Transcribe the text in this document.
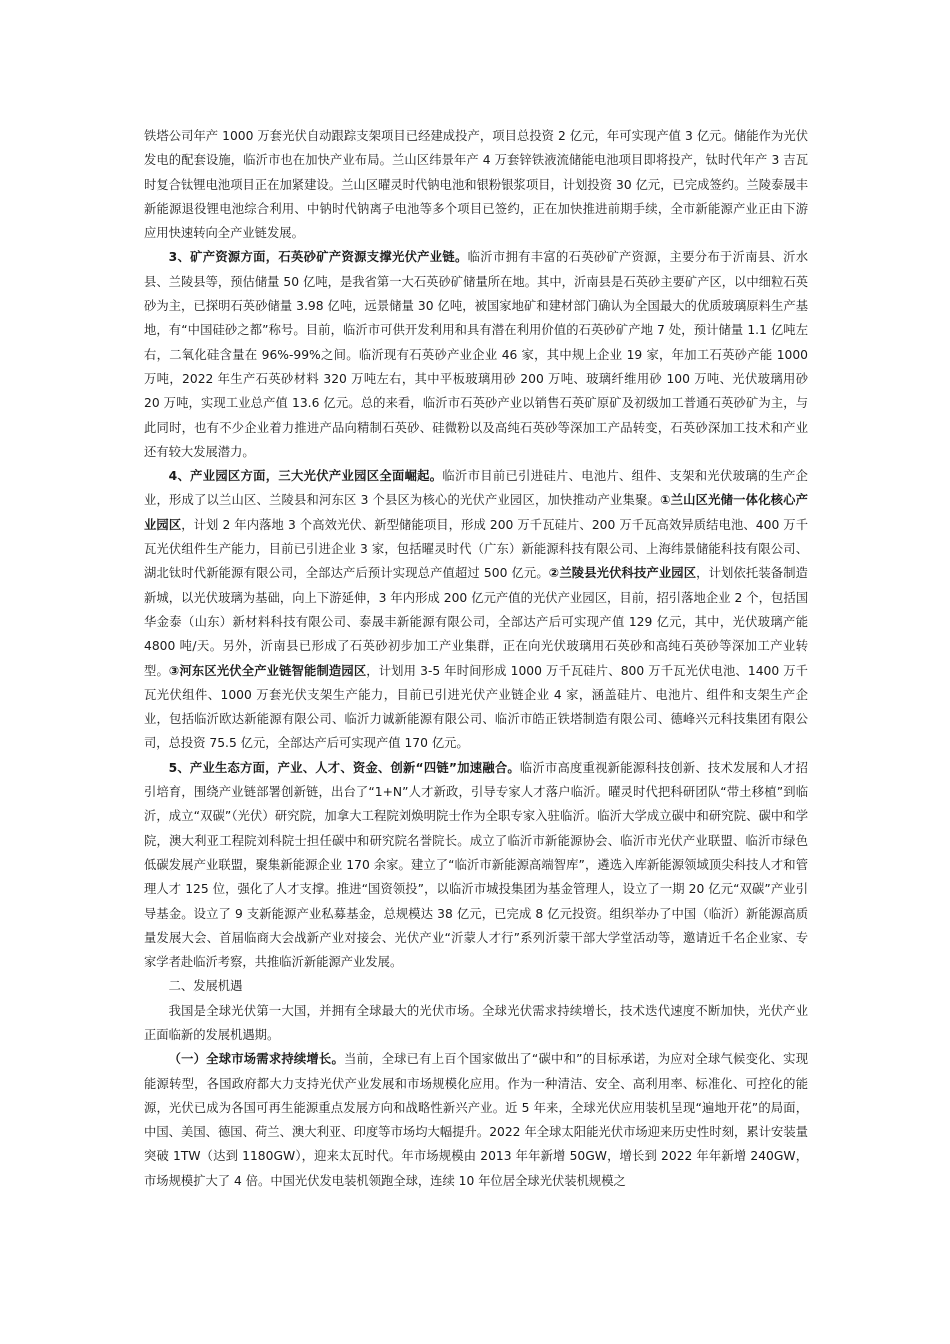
铁塔公司年产 1000 万套光伏自动跟踪支架项目已经建成投产，项目总投资 2 亿元，年可实现产值 3 亿元。储能作为光伏发电的配套设施，临沂市也在加快产业布局。兰山区纬景年产 4 万套锌铁液流储能电池项目即将投产，钛时代年产 3 吉瓦时复合钛锂电池项目正在加紧建设。兰山区曜灵时代钠电池和银粉银浆项目，计划投资 30 亿元，已完成签约。兰陵泰晟丰新能源退役锂电池综合利用、中钠时代钠离子电池等多个项目已签约，正在加快推进前期手续，全市新能源产业正由下游应用快速转向全产业链发展。

3、矿产资源方面，石英砂矿产资源支撑光伏产业链。临沂市拥有丰富的石英砂矿产资源，主要分布于沂南县、沂水县、兰陵县等，预估储量 50 亿吨，是我省第一大石英砂矿储量所在地。其中，沂南县是石英砂主要矿产区，以中细粒石英砂为主，已探明石英砂储量 3.98 亿吨，远景储量 30 亿吨，被国家地矿和建材部门确认为全国最大的优质玻璃原料生产基地，有“中国硅砂之都”称号。目前，临沂市可供开发利用和具有潜在利用价值的石英砂矿产地 7 处，预计储量 1.1 亿吨左右，二氧化硅含量在 96%-99%之间。临沂现有石英砂产业企业 46 家，其中规上企业 19 家，年加工石英砂产能 1000 万吨，2022 年生产石英砂材料 320 万吨左右，其中平板玻璃用砂 200 万吨、玻璃纤维用砂 100 万吨、光伏玻璃用砂 20 万吨，实现工业总产值 13.6 亿元。总的来看，临沂市石英砂产业以销售石英矿原矿及初级加工普通石英砂矿为主，与此同时，也有不少企业着力推进产品向精制石英砂、硅微粉以及高纯石英砂等深加工产品转变，石英砂深加工技术和产业还有较大发展潜力。

4、产业园区方面，三大光伏产业园区全面崛起。临沂市目前已引进硅片、电池片、组件、支架和光伏玻璃的生产企业，形成了以兰山区、兰陵县和河东区 3 个县区为核心的光伏产业园区，加快推动产业集聚。①兰山区光储一体化核心产业园区，计划 2 年内落地 3 个高效光伏、新型储能项目，形成 200 万千瓦硅片、200 万千瓦高效异质结电池、400 万千瓦光伏组件生产能力，目前已引进企业 3 家，包括曜灵时代（广东）新能源科技有限公司、上海纬景储能科技有限公司、湖北钛时代新能源有限公司，全部达产后预计实现总产值超过 500 亿元。②兰陵县光伏科技产业园区，计划依托装备制造新城，以光伏玻璃为基础，向上下游延伸，3 年内形成 200 亿元产值的光伏产业园区，目前，招引落地企业 2 个，包括国华金泰（山东）新材料科技有限公司、泰晟丰新能源有限公司，全部达产后可实现产值 129 亿元，其中，光伏玻璃产能 4800 吨/天。另外，沂南县已形成了石英砂初步加工产业集群，正在向光伏玻璃用石英砂和高纯石英砂等深加工产业转型。③河东区光伏全产业链智能制造园区，计划用 3-5 年时间形成 1000 万千瓦硅片、800 万千瓦光伏电池、1400 万千瓦光伏组件、1000 万套光伏支架生产能力，目前已引进光伏产业链企业 4 家，涵盖硅片、电池片、组件和支架生产企业，包括临沂欧达新能源有限公司、临沂力诚新能源有限公司、临沂市皓正铁塔制造有限公司、德峰兴元科技集团有限公司，总投资 75.5 亿元，全部达产后可实现产值 170 亿元。

5、产业生态方面，产业、人才、资金、创新“四链”加速融合。临沂市高度重视新能源科技创新、技术发展和人才招引培育，围绕产业链部署创新链，出台了“1+N”人才新政，引导专家人才落户临沂。曜灵时代把科研团队“带土移植”到临沂，成立“双碳”（光伏）研究院，加拿大工程院刘焕明院士作为全职专家入驻临沂。临沂大学成立碳中和研究院、碳中和学院，澳大利亚工程院刘科院士担任碳中和研究院名誉院长。成立了临沂市新能源协会、临沂市光伏产业联盟、临沂市绿色低碳发展产业联盟，聚集新能源企业 170 余家。建立了“临沂市新能源高端智库”，遴选入库新能源领域顶尖科技人才和管理人才 125 位，强化了人才支撑。推进“国资领投”，以临沂市城投集团为基金管理人，设立了一期 20 亿元“双碳”产业引导基金。设立了 9 支新能源产业私募基金，总规模达 38 亿元，已完成 8 亿元投资。组织举办了中国（临沂）新能源高质量发展大会、首届临商大会战新产业对接会、光伏产业“沂蒙人才行”系列沂蒙干部大学堂活动等，邀请近千名企业家、专家学者赴临沂考察，共推临沂新能源产业发展。

二、发展机遇

我国是全球光伏第一大国，并拥有全球最大的光伏市场。全球光伏需求持续增长，技术迭代速度不断加快，光伏产业正面临新的发展机遇期。

（一）全球市场需求持续增长。当前，全球已有上百个国家做出了“碳中和”的目标承诺，为应对全球气候变化、实现能源转型，各国政府都大力支持光伏产业发展和市场规模化应用。作为一种清洁、安全、高利用率、标准化、可控化的能源，光伏已成为各国可再生能源重点发展方向和战略性新兴产业。近 5 年来，全球光伏应用装机呈现“遍地开花”的局面，中国、美国、德国、荷兰、澳大利亚、印度等市场均大幅提升。2022 年全球太阳能光伏市场迎来历史性时刻，累计安装量突破 1TW（达到 1180GW），迎来太瓦时代。年市场规模由 2013 年年新增 50GW，增长到 2022 年年新增 240GW，市场规模扩大了 4 倍。中国光伏发电装机领跑全球，连续 10 年位居全球光伏装机规模之
